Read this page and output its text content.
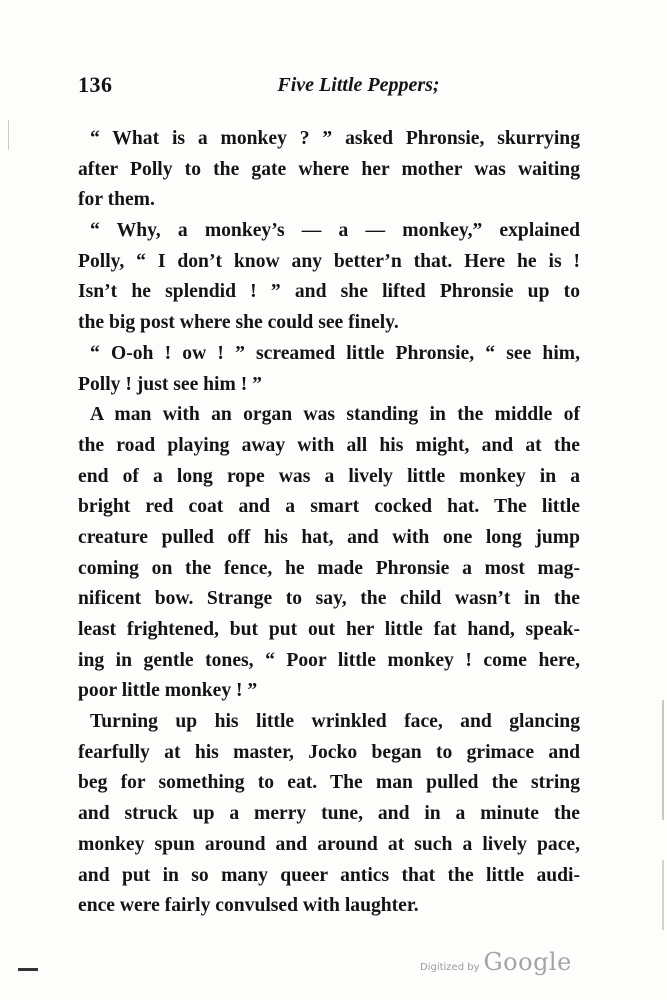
136	Five Little Peppers;
“ What is a monkey ? ” asked Phronsie, skurrying
after Polly to the gate where her mother was waiting
for them.
“ Why, a monkey’s — a — monkey,” explained
Polly, “ I don’t know any better’n that. Here he is !
Isn’t he splendid ! ” and she lifted Phronsie up to
the big post where she could see finely.
“ O-oh ! ow ! ” screamed little Phronsie, “ see him,
Polly ! just see him ! ”
A man with an organ was standing in the middle of
the road playing away with all his might, and at the
end of a long rope was a lively little monkey in a
bright red coat and a smart cocked hat. The little
creature pulled off his hat, and with one long jump
coming on the fence, he made Phronsie a most mag-
nificent bow. Strange to say, the child wasn’t in the
least frightened, but put out her little fat hand, speak-
ing in gentle tones, “ Poor little monkey ! come here,
poor little monkey ! ”
Turning up his little wrinkled face, and glancing
fearfully at his master, Jocko began to grimace and
beg for something to eat. The man pulled the string
and struck up a merry tune, and in a minute the
monkey spun around and around at such a lively pace,
and put in so many queer antics that the little audi-
ence were fairly convulsed with laughter.
Digitized by Google
